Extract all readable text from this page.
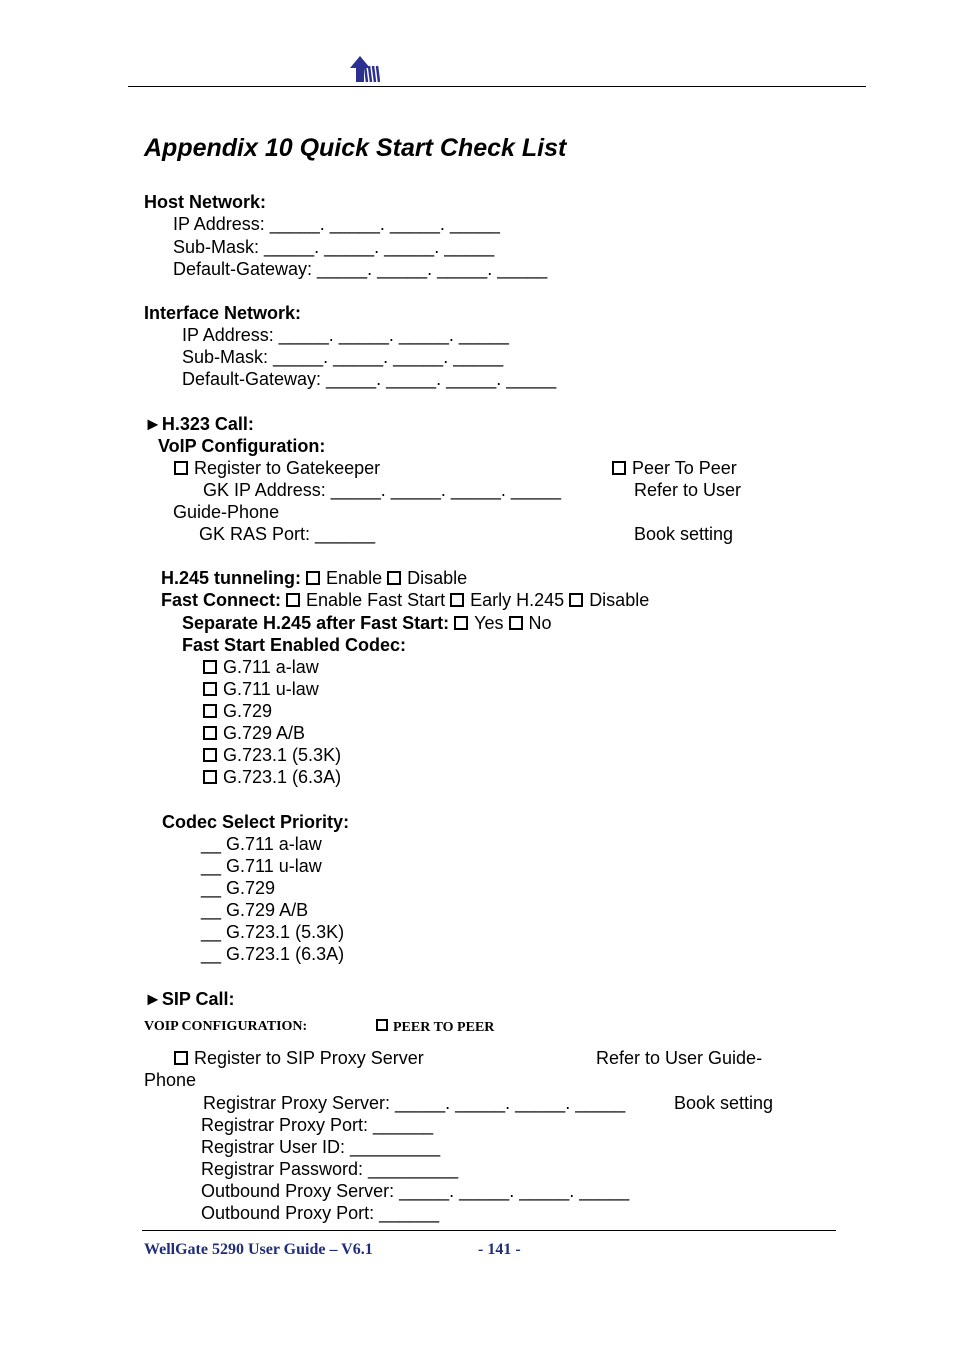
Appendix 10 Quick Start Check List
Host Network:
IP Address: _____. _____. _____. _____
Sub-Mask: _____. _____. _____. _____
Default-Gateway: _____. _____. _____. _____
Interface Network:
IP Address: _____. _____. _____. _____
Sub-Mask: _____. _____. _____. _____
Default-Gateway: _____. _____. _____. _____
►H.323 Call:
VoIP Configuration:
Register to Gatekeeper	Peer To Peer
GK IP Address: _____. _____. _____. _____	Refer to User
Guide-Phone
GK RAS Port: ______	Book setting
H.245 tunneling: Enable Disable
Fast Connect: Enable Fast Start Early H.245 Disable
Separate H.245 after Fast Start: Yes No
Fast Start Enabled Codec:
G.711 a-law
G.711 u-law
G.729
G.729 A/B
G.723.1 (5.3K)
G.723.1 (6.3A)
Codec Select Priority:
__ G.711 a-law
__ G.711 u-law
__ G.729
__ G.729 A/B
__ G.723.1 (5.3K)
__ G.723.1 (6.3A)
►SIP Call:
VOIP CONFIGURATION:	PEER TO PEER
Register to SIP Proxy Server	Refer to User Guide-
Phone
Registrar Proxy Server: _____. _____. _____. _____	Book setting
Registrar Proxy Port: ______
Registrar User ID: _________
Registrar Password: _________
Outbound Proxy Server: _____. _____. _____. _____
Outbound Proxy Port: ______
WellGate 5290 User Guide – V6.1	- 141 -
